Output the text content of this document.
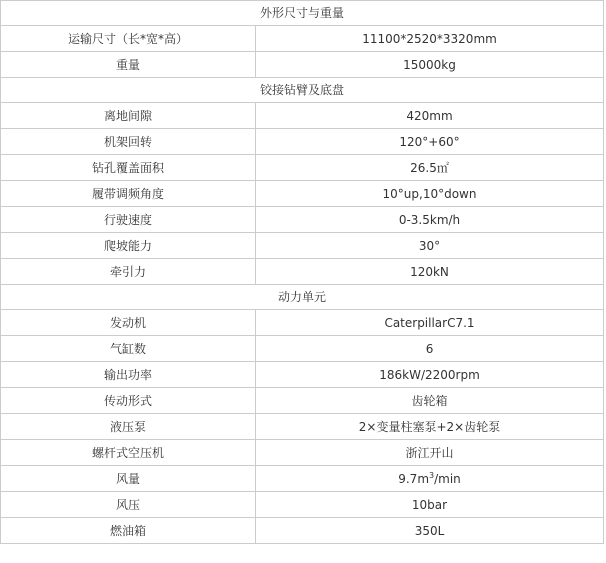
外形尺寸与重量	
运输尺寸（长*宽*高）	11100*2520*3320mm
重量	15000kg
铰接钻臂及底盘	
离地间隙	420mm
机架回转	120°+60°
钻孔覆盖面积	26.5㎡
履带调频角度	10°up,10°down
行驶速度	0-3.5km/h
爬坡能力	30°
牵引力	120kN
动力单元	
发动机	CaterpillarC7.1
气缸数	6
输出功率	186kW/2200rpm
传动形式	齿轮箱
液压泵	2×变量柱塞泵+2×齿轮泵
螺杆式空压机	浙江开山
风量	$9.7m^3/\min$
风压	10bar
燃油箱	350L
